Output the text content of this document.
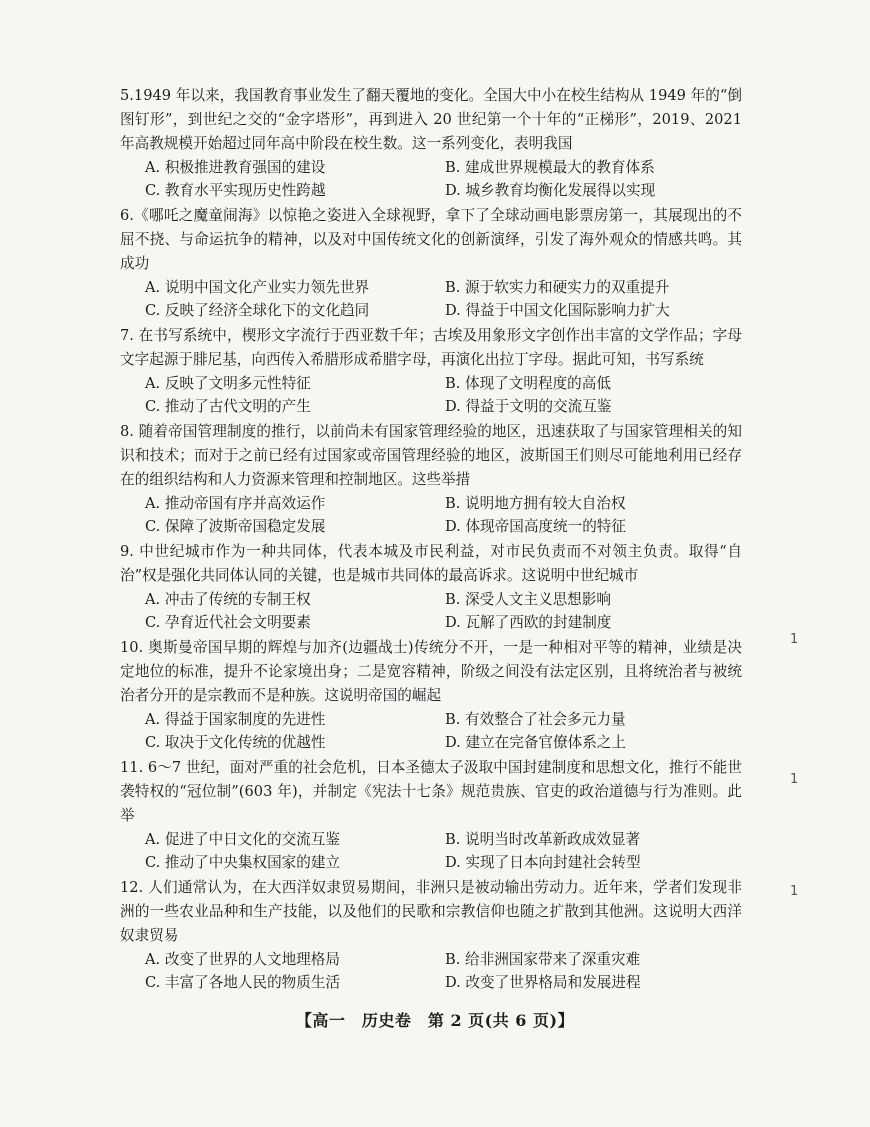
5.1949 年以来，我国教育事业发生了翻天覆地的变化。全国大中小在校生结构从 1949 年的“倒图钉形”，到世纪之交的“金字塔形”，再到进入 20 世纪第一个十年的“正梯形”，2019、2021 年高教规模开始超过同年高中阶段在校生数。这一系列变化，表明我国

A. 积极推进教育强国的建设	B. 建成世界规模最大的教育体系
C. 教育水平实现历史性跨越	D. 城乡教育均衡化发展得以实现

6.《哪吒之魔童闹海》以惊艳之姿进入全球视野，拿下了全球动画电影票房第一，其展现出的不屈不挠、与命运抗争的精神，以及对中国传统文化的创新演绎，引发了海外观众的情感共鸣。其成功

A. 说明中国文化产业实力领先世界	B. 源于软实力和硬实力的双重提升
C. 反映了经济全球化下的文化趋同	D. 得益于中国文化国际影响力扩大

7. 在书写系统中，楔形文字流行于西亚数千年；古埃及用象形文字创作出丰富的文学作品；字母文字起源于腓尼基，向西传入希腊形成希腊字母，再演化出拉丁字母。据此可知，书写系统

A. 反映了文明多元性特征	B. 体现了文明程度的高低
C. 推动了古代文明的产生	D. 得益于文明的交流互鉴

8. 随着帝国管理制度的推行，以前尚未有国家管理经验的地区，迅速获取了与国家管理相关的知识和技术；而对于之前已经有过国家或帝国管理经验的地区，波斯国王们则尽可能地利用已经存在的组织结构和人力资源来管理和控制地区。这些举措

A. 推动帝国有序并高效运作	B. 说明地方拥有较大自治权
C. 保障了波斯帝国稳定发展	D. 体现帝国高度统一的特征

9. 中世纪城市作为一种共同体，代表本城及市民利益，对市民负责而不对领主负责。取得“自治”权是强化共同体认同的关键，也是城市共同体的最高诉求。这说明中世纪城市

A. 冲击了传统的专制王权	B. 深受人文主义思想影响
C. 孕育近代社会文明要素	D. 瓦解了西欧的封建制度

10. 奥斯曼帝国早期的辉煌与加齐(边疆战士)传统分不开，一是一种相对平等的精神，业绩是决定地位的标准，提升不论家境出身；二是宽容精神，阶级之间没有法定区别，且将统治者与被统治者分开的是宗教而不是种族。这说明帝国的崛起

A. 得益于国家制度的先进性	B. 有效整合了社会多元力量
C. 取决于文化传统的优越性	D. 建立在完备官僚体系之上

11. 6～7 世纪，面对严重的社会危机，日本圣德太子汲取中国封建制度和思想文化，推行不能世袭特权的“冠位制”(603 年)，并制定《宪法十七条》规范贵族、官吏的政治道德与行为准则。此举

A. 促进了中日文化的交流互鉴	B. 说明当时改革新政成效显著
C. 推动了中央集权国家的建立	D. 实现了日本向封建社会转型

12. 人们通常认为，在大西洋奴隶贸易期间，非洲只是被动输出劳动力。近年来，学者们发现非洲的一些农业品种和生产技能，以及他们的民歌和宗教信仰也随之扩散到其他洲。这说明大西洋奴隶贸易

A. 改变了世界的人文地理格局	B. 给非洲国家带来了深重灾难
C. 丰富了各地人民的物质生活	D. 改变了世界格局和发展进程
1
1
1
【高一　历史卷　第 2 页(共 6 页)】
